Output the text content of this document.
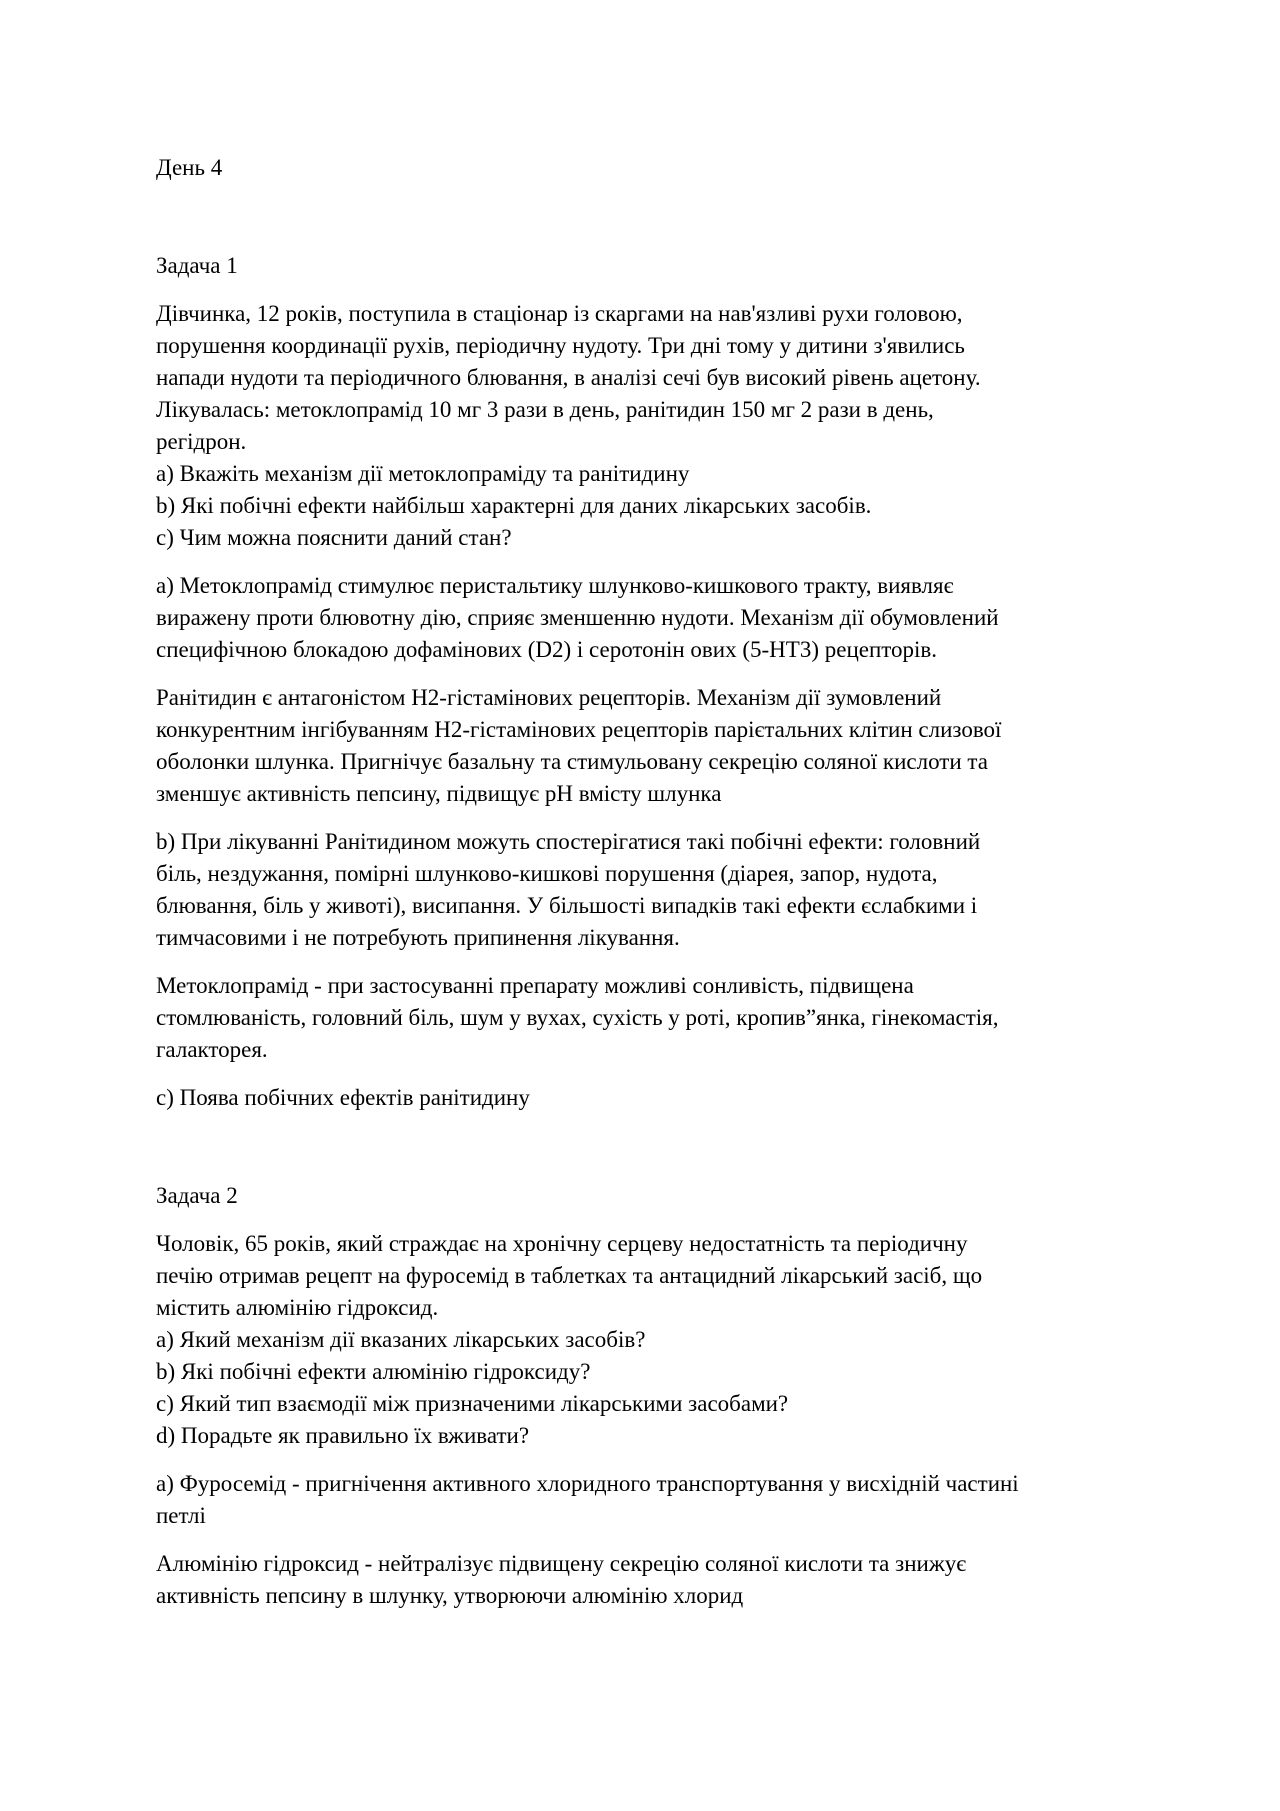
День 4
Задача 1
Дівчинка, 12 років, поступила в стаціонар із скаргами на нав'язливі рухи головою,
порушення координації рухів, періодичну нудоту. Три дні тому у дитини з'явились
напади нудоти та періодичного блювання, в аналізі сечі був високий рівень ацетону.
Лікувалась: метоклопрамід 10 мг 3 рази в день, ранітидин 150 мг 2 рази в день,
регідрон.
a) Вкажіть механізм дії метоклопраміду та ранітидину
b) Які побічні ефекти найбільш характерні для даних лікарських засобів.
c) Чим можна пояснити даний стан?
a) Метоклопрамід стимулює перистальтику шлунково-кишкового тракту, виявляє
виражену проти блювотну дію, сприяє зменшенню нудоти. Механізм дії обумовлений
специфічною блокадою дофамінових (D2) і серотонін ових (5-НТ3) рецепторів.
Ранітидин є антагоністом Н2-гістамінових рецепторів. Механізм дії зумовлений
конкурентним інгібуванням Н2-гістамінових рецепторів парієтальних клітин слизової
оболонки шлунка. Пригнічує базальну та стимульовану секрецію соляної кислоти та
зменшує активність пепсину, підвищує рН вмісту шлунка
b) При лікуванні Ранітидином можуть спостерігатися такі побічні ефекти: головний
біль, нездужання, помірні шлунково-кишкові порушення (діарея, запор, нудота,
блювання, біль у животі), висипання. У більшості випадків такі ефекти єслабкими і
тимчасовими і не потребують припинення лікування.
Метоклопрамід - при застосуванні препарату можливі сонливість, підвищена
стомлюваність, головний біль, шум у вухах, сухість у роті, кропив”янка, гінекомастія,
галакторея.
c) Поява побічних ефектів ранітидину
Задача 2
Чоловік, 65 років, який страждає на хронічну серцеву недостатність та періодичну
печію отримав рецепт на фуросемід в таблетках та антацидний лікарський засіб, що
містить алюмінію гідроксид.
a) Який механізм дії вказаних лікарських засобів?
b) Які побічні ефекти алюмінію гідроксиду?
c) Який тип взаємодії між призначеними лікарськими засобами?
d) Порадьте як правильно їх вживати?
a) Фуросемід - пригнічення активного хлоридного транспортування у висхідній частині
петлі
Алюмінію гідроксид - нейтралізує підвищену секрецію соляної кислоти та знижує
активність пепсину в шлунку, утворюючи алюмінію хлорид
